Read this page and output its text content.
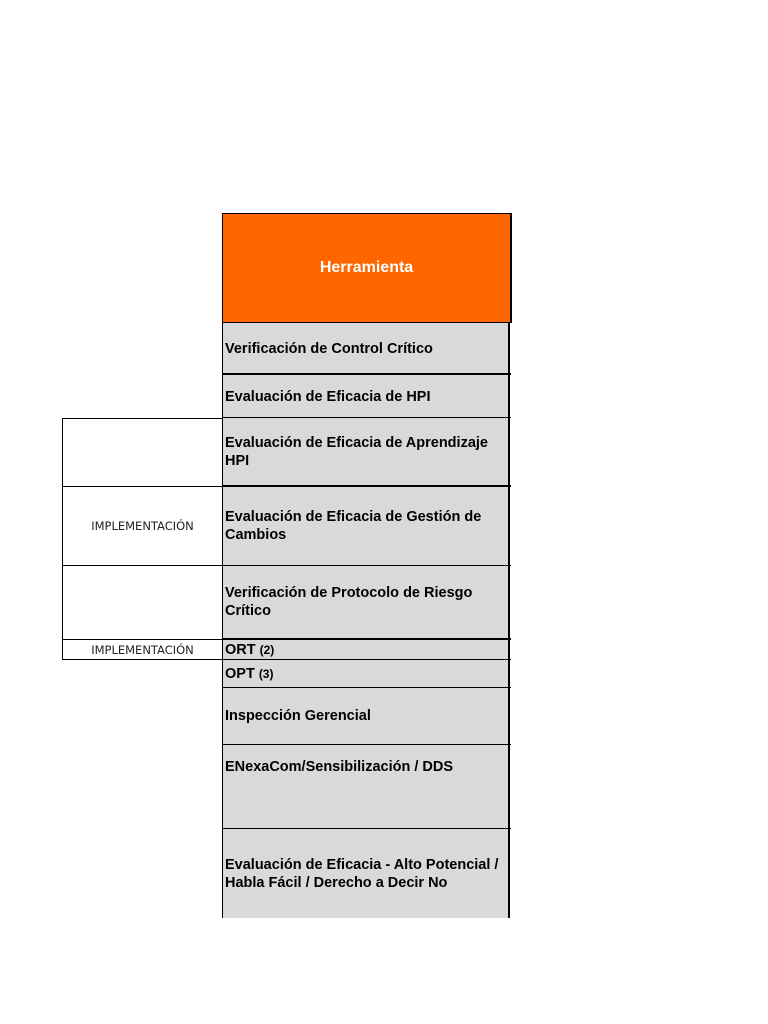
IMPLEMENTACIÓN
IMPLEMENTACIÓN
Herramienta
Verificación de Control Crítico
Evaluación de Eficacia de HPI
Evaluación de Eficacia de Aprendizaje HPI
Evaluación de Eficacia de Gestión de Cambios
Verificación de Protocolo de Riesgo Crítico
ORT (2)
OPT (3)
Inspección Gerencial
ENexaCom/Sensibilización / DDS
Evaluación de Eficacia - Alto Potencial / Habla Fácil / Derecho a Decir No
